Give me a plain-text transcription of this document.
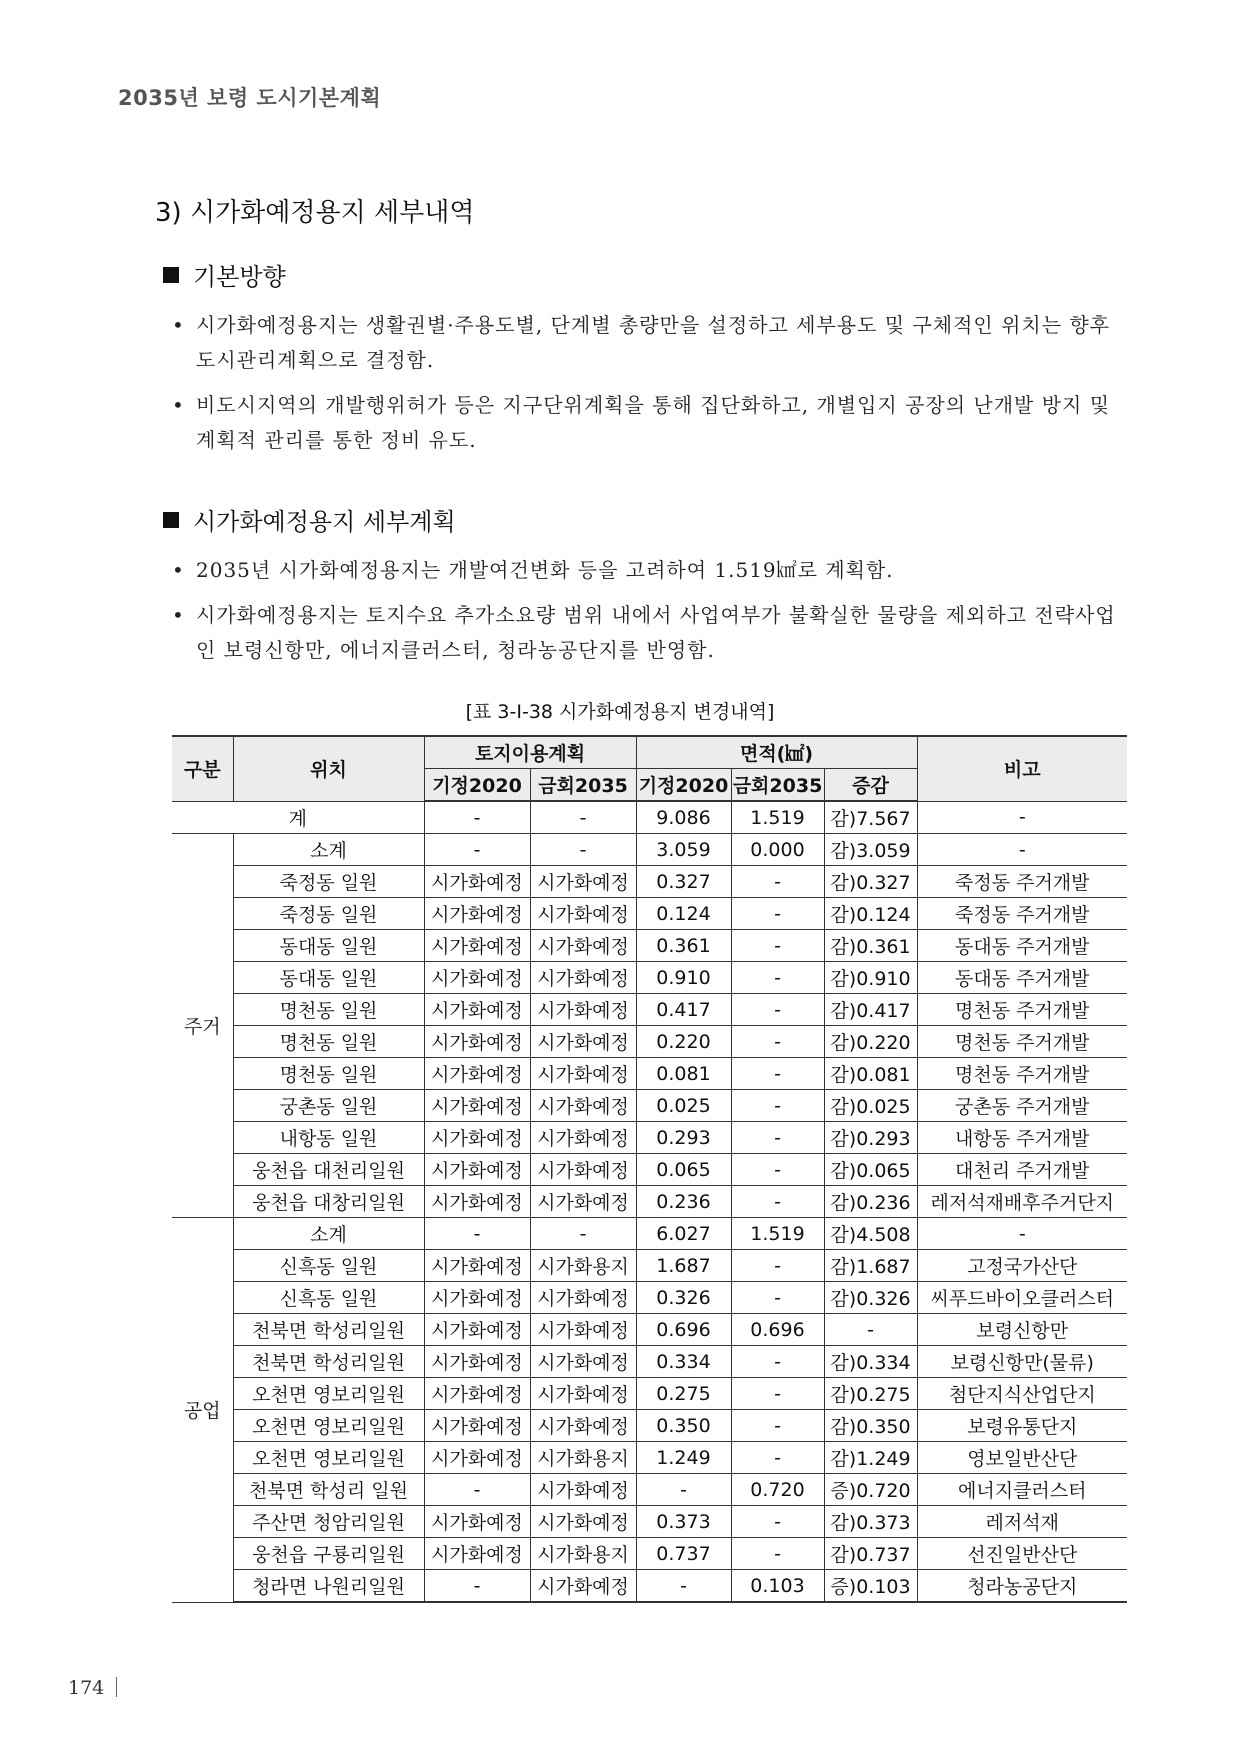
2035년 보령 도시기본계획
3) 시가화예정용지 세부내역
기본방향
• 시가화예정용지는 생활권별·주용도별, 단계별 총량만을 설정하고 세부용도 및 구체적인 위치는 향후 도시관리계획으로 결정함.
• 비도시지역의 개발행위허가 등은 지구단위계획을 통해 집단화하고, 개별입지 공장의 난개발 방지 및 계획적 관리를 통한 정비 유도.
시가화예정용지 세부계획
• 2035년 시가화예정용지는 개발여건변화 등을 고려하여 1.519㎢로 계획함.
• 시가화예정용지는 토지수요 추가소요량 범위 내에서 사업여부가 불확실한 물량을 제외하고 전략사업인 보령신항만, 에너지클러스터, 청라농공단지를 반영함.
[표 3-Ⅰ-38 시가화예정용지 변경내역]
구분	위치	토지이용계획		면적(㎢)			비고
		기정2020	금회2035	기정2020	금회2035	증감	
계		-	-	9.086	1.519	감)7.567	-
주거	소계	-	-	3.059	0.000	감)3.059	-
	죽정동 일원	시가화예정	시가화예정	0.327	-	감)0.327	죽정동 주거개발
	죽정동 일원	시가화예정	시가화예정	0.124	-	감)0.124	죽정동 주거개발
	동대동 일원	시가화예정	시가화예정	0.361	-	감)0.361	동대동 주거개발
	동대동 일원	시가화예정	시가화예정	0.910	-	감)0.910	동대동 주거개발
	명천동 일원	시가화예정	시가화예정	0.417	-	감)0.417	명천동 주거개발
	명천동 일원	시가화예정	시가화예정	0.220	-	감)0.220	명천동 주거개발
	명천동 일원	시가화예정	시가화예정	0.081	-	감)0.081	명천동 주거개발
	궁촌동 일원	시가화예정	시가화예정	0.025	-	감)0.025	궁촌동 주거개발
	내항동 일원	시가화예정	시가화예정	0.293	-	감)0.293	내항동 주거개발
	웅천읍 대천리일원	시가화예정	시가화예정	0.065	-	감)0.065	대천리 주거개발
	웅천읍 대창리일원	시가화예정	시가화예정	0.236	-	감)0.236	레저석재배후주거단지
공업	소계	-	-	6.027	1.519	감)4.508	-
	신흑동 일원	시가화예정	시가화용지	1.687	-	감)1.687	고정국가산단
	신흑동 일원	시가화예정	시가화예정	0.326	-	감)0.326	씨푸드바이오클러스터
	천북면 학성리일원	시가화예정	시가화예정	0.696	0.696	-	보령신항만
	천북면 학성리일원	시가화예정	시가화예정	0.334	-	감)0.334	보령신항만(물류)
	오천면 영보리일원	시가화예정	시가화예정	0.275	-	감)0.275	첨단지식산업단지
	오천면 영보리일원	시가화예정	시가화예정	0.350	-	감)0.350	보령유통단지
	오천면 영보리일원	시가화예정	시가화용지	1.249	-	감)1.249	영보일반산단
	천북면 학성리 일원	-	시가화예정	-	0.720	증)0.720	에너지클러스터
	주산면 청암리일원	시가화예정	시가화예정	0.373	-	감)0.373	레저석재
	웅천읍 구룡리일원	시가화예정	시가화용지	0.737	-	감)0.737	선진일반산단
	청라면 나원리일원	-	시가화예정	-	0.103	증)0.103	청라농공단지
174
